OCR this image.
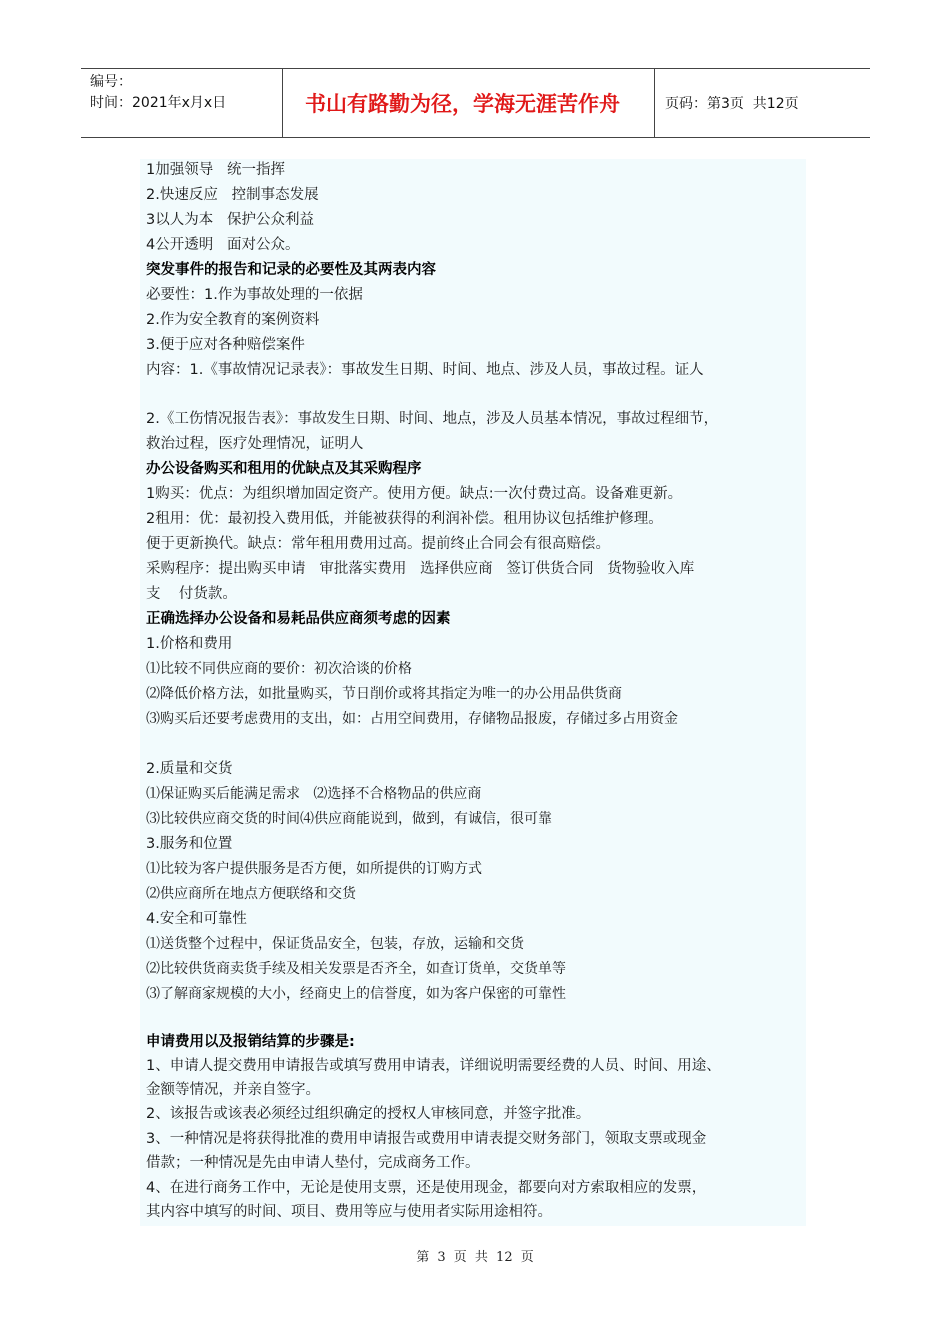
编号：
时间：2021年x月x日	书山有路勤为径，学海无涯苦作舟	页码：第3页  共12页
1加强领导   统一指挥
2.快速反应   控制事态发展
3以人为本   保护公众利益
4公开透明   面对公众。
突发事件的报告和记录的必要性及其两表内容
必要性：1.作为事故处理的一依据
2.作为安全教育的案例资料
3.便于应对各种赔偿案件
内容：1.《事故情况记录表》：事故发生日期、时间、地点、涉及人员，事故过程。证人
2.《工伤情况报告表》：事故发生日期、时间、地点，涉及人员基本情况，事故过程细节，
救治过程，医疗处理情况，证明人
办公设备购买和租用的优缺点及其采购程序
1购买：优点：为组织增加固定资产。使用方便。缺点:一次付费过高。设备难更新。
2租用：优：最初投入费用低，并能被获得的利润补偿。租用协议包括维护修理。
便于更新换代。缺点：常年租用费用过高。提前终止合同会有很高赔偿。
采购程序：提出购买申请   审批落实费用   选择供应商   签订供货合同   货物验收入库
支    付货款。
正确选择办公设备和易耗品供应商须考虑的因素
1.价格和费用
⑴比较不同供应商的要价：初次洽谈的价格
⑵降低价格方法，如批量购买，节日削价或将其指定为唯一的办公用品供货商
⑶购买后还要考虑费用的支出，如：占用空间费用，存储物品报废，存储过多占用资金
2.质量和交货
⑴保证购买后能满足需求   ⑵选择不合格物品的供应商
⑶比较供应商交货的时间⑷供应商能说到，做到，有诚信，很可靠
3.服务和位置
⑴比较为客户提供服务是否方便，如所提供的订购方式
⑵供应商所在地点方便联络和交货
4.安全和可靠性
⑴送货整个过程中，保证货品安全，包装，存放，运输和交货
⑵比较供货商卖货手续及相关发票是否齐全，如查订货单，交货单等
⑶了解商家规模的大小，经商史上的信誉度，如为客户保密的可靠性
申请费用以及报销结算的步骤是:
1、申请人提交费用申请报告或填写费用申请表，详细说明需要经费的人员、时间、用途、
金额等情况，并亲自签字。
2、该报告或该表必须经过组织确定的授权人审核同意，并签字批准。
3、一种情况是将获得批准的费用申请报告或费用申请表提交财务部门，领取支票或现金
借款；一种情况是先由申请人垫付，完成商务工作。
4、在进行商务工作中，无论是使用支票，还是使用现金，都要向对方索取相应的发票，
其内容中填写的时间、项目、费用等应与使用者实际用途相符。
第 3 页 共 12 页
